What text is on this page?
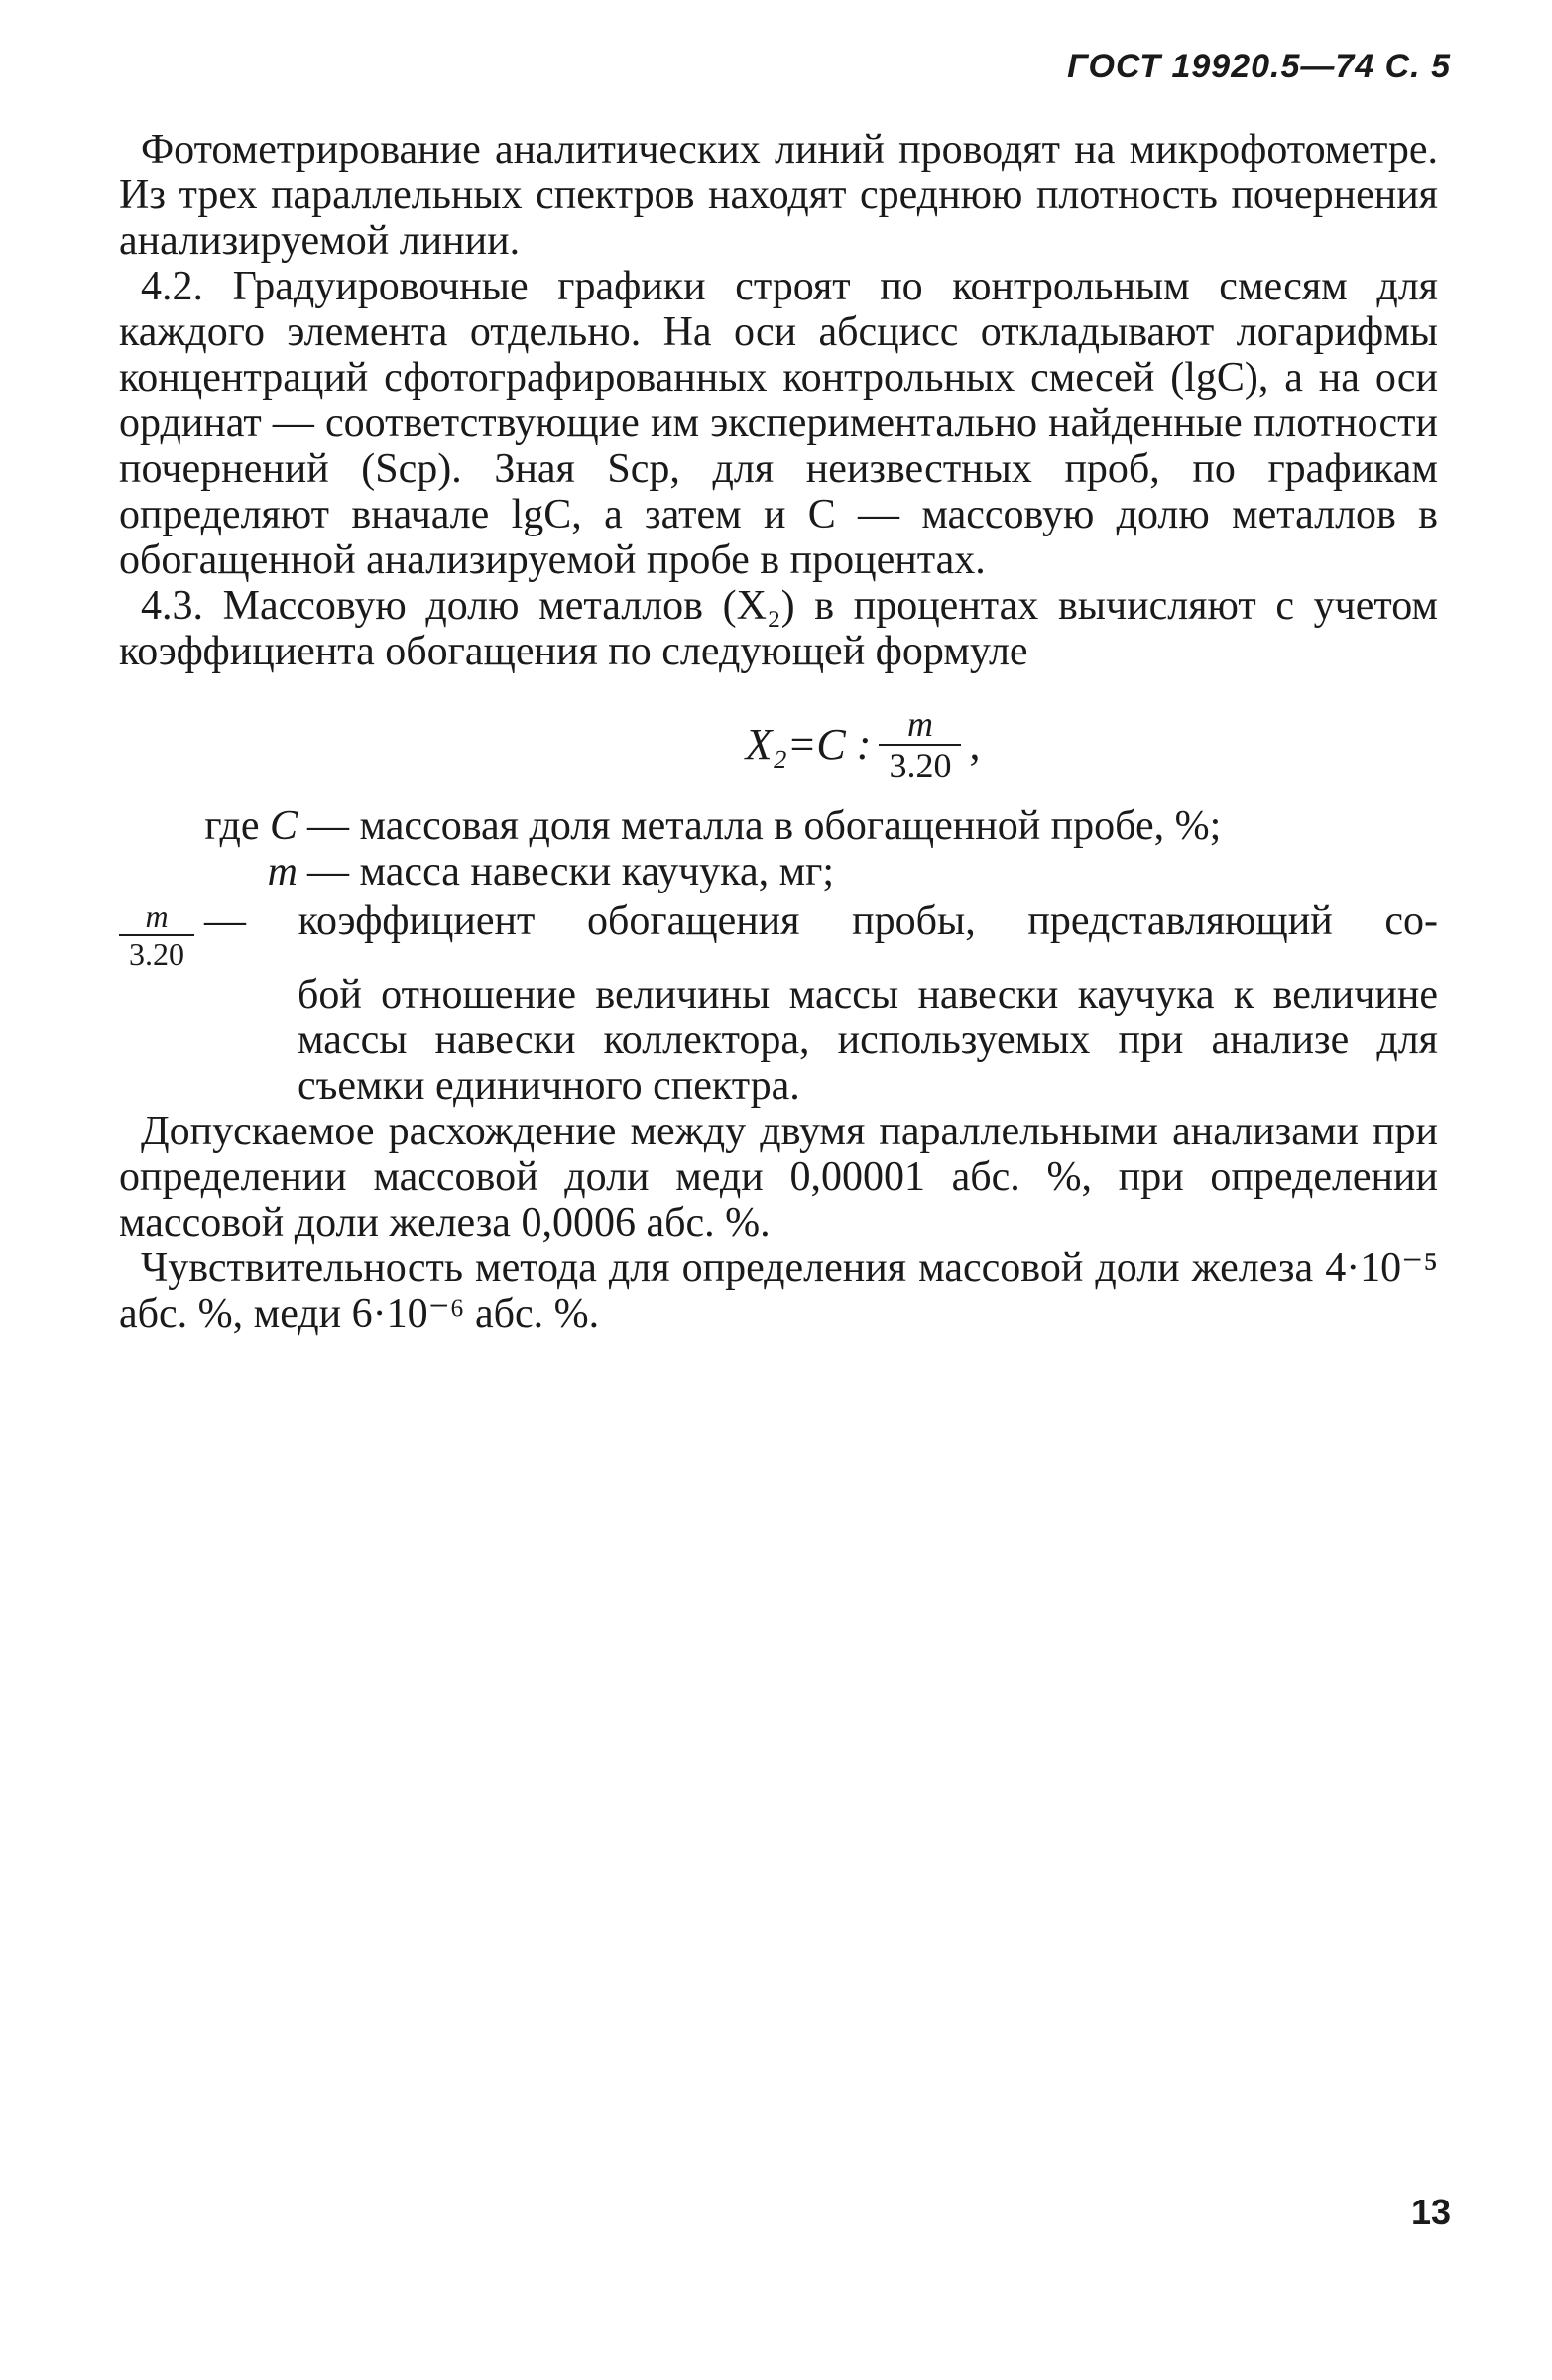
ГОСТ 19920.5—74 С. 5

Фотометрирование аналитических линий проводят на микрофотометре. Из трех параллельных спектров находят среднюю плотность почернения анализируемой линии.

4.2. Градуировочные графики строят по контрольным смесям для каждого элемента отдельно. На оси абсцисс откладывают логарифмы концентраций сфотографированных контрольных смесей (lgC), а на оси ординат — соответствующие им экспериментально найденные плотности почернений (Sср). Зная Sср, для неизвестных проб, по графикам определяют вначале lgC, а затем и C — массовую долю металлов в обогащенной анализируемой пробе в процентах.

4.3. Массовую долю металлов (X₂) в процентах вычисляют с учетом коэффициента обогащения по следующей формуле

X₂=C : $\frac{m}{3.20}$ ,
где C — массовая доля металла в обогащенной пробе, %;
m — масса навески каучука, мг;
$\frac{m}{3.20}$ — коэффициент обогащения пробы, представляющий со-
бой отношение величины массы навески каучука к величине массы навески коллектора, используемых при анализе для съемки единичного спектра.

Допускаемое расхождение между двумя параллельными анализами при определении массовой доли меди 0,00001 абс. %, при определении массовой доли железа 0,0006 абс. %.

Чувствительность метода для определения массовой доли железа 4·10⁻⁵ абс. %, меди 6·10⁻⁶ абс. %.

13
